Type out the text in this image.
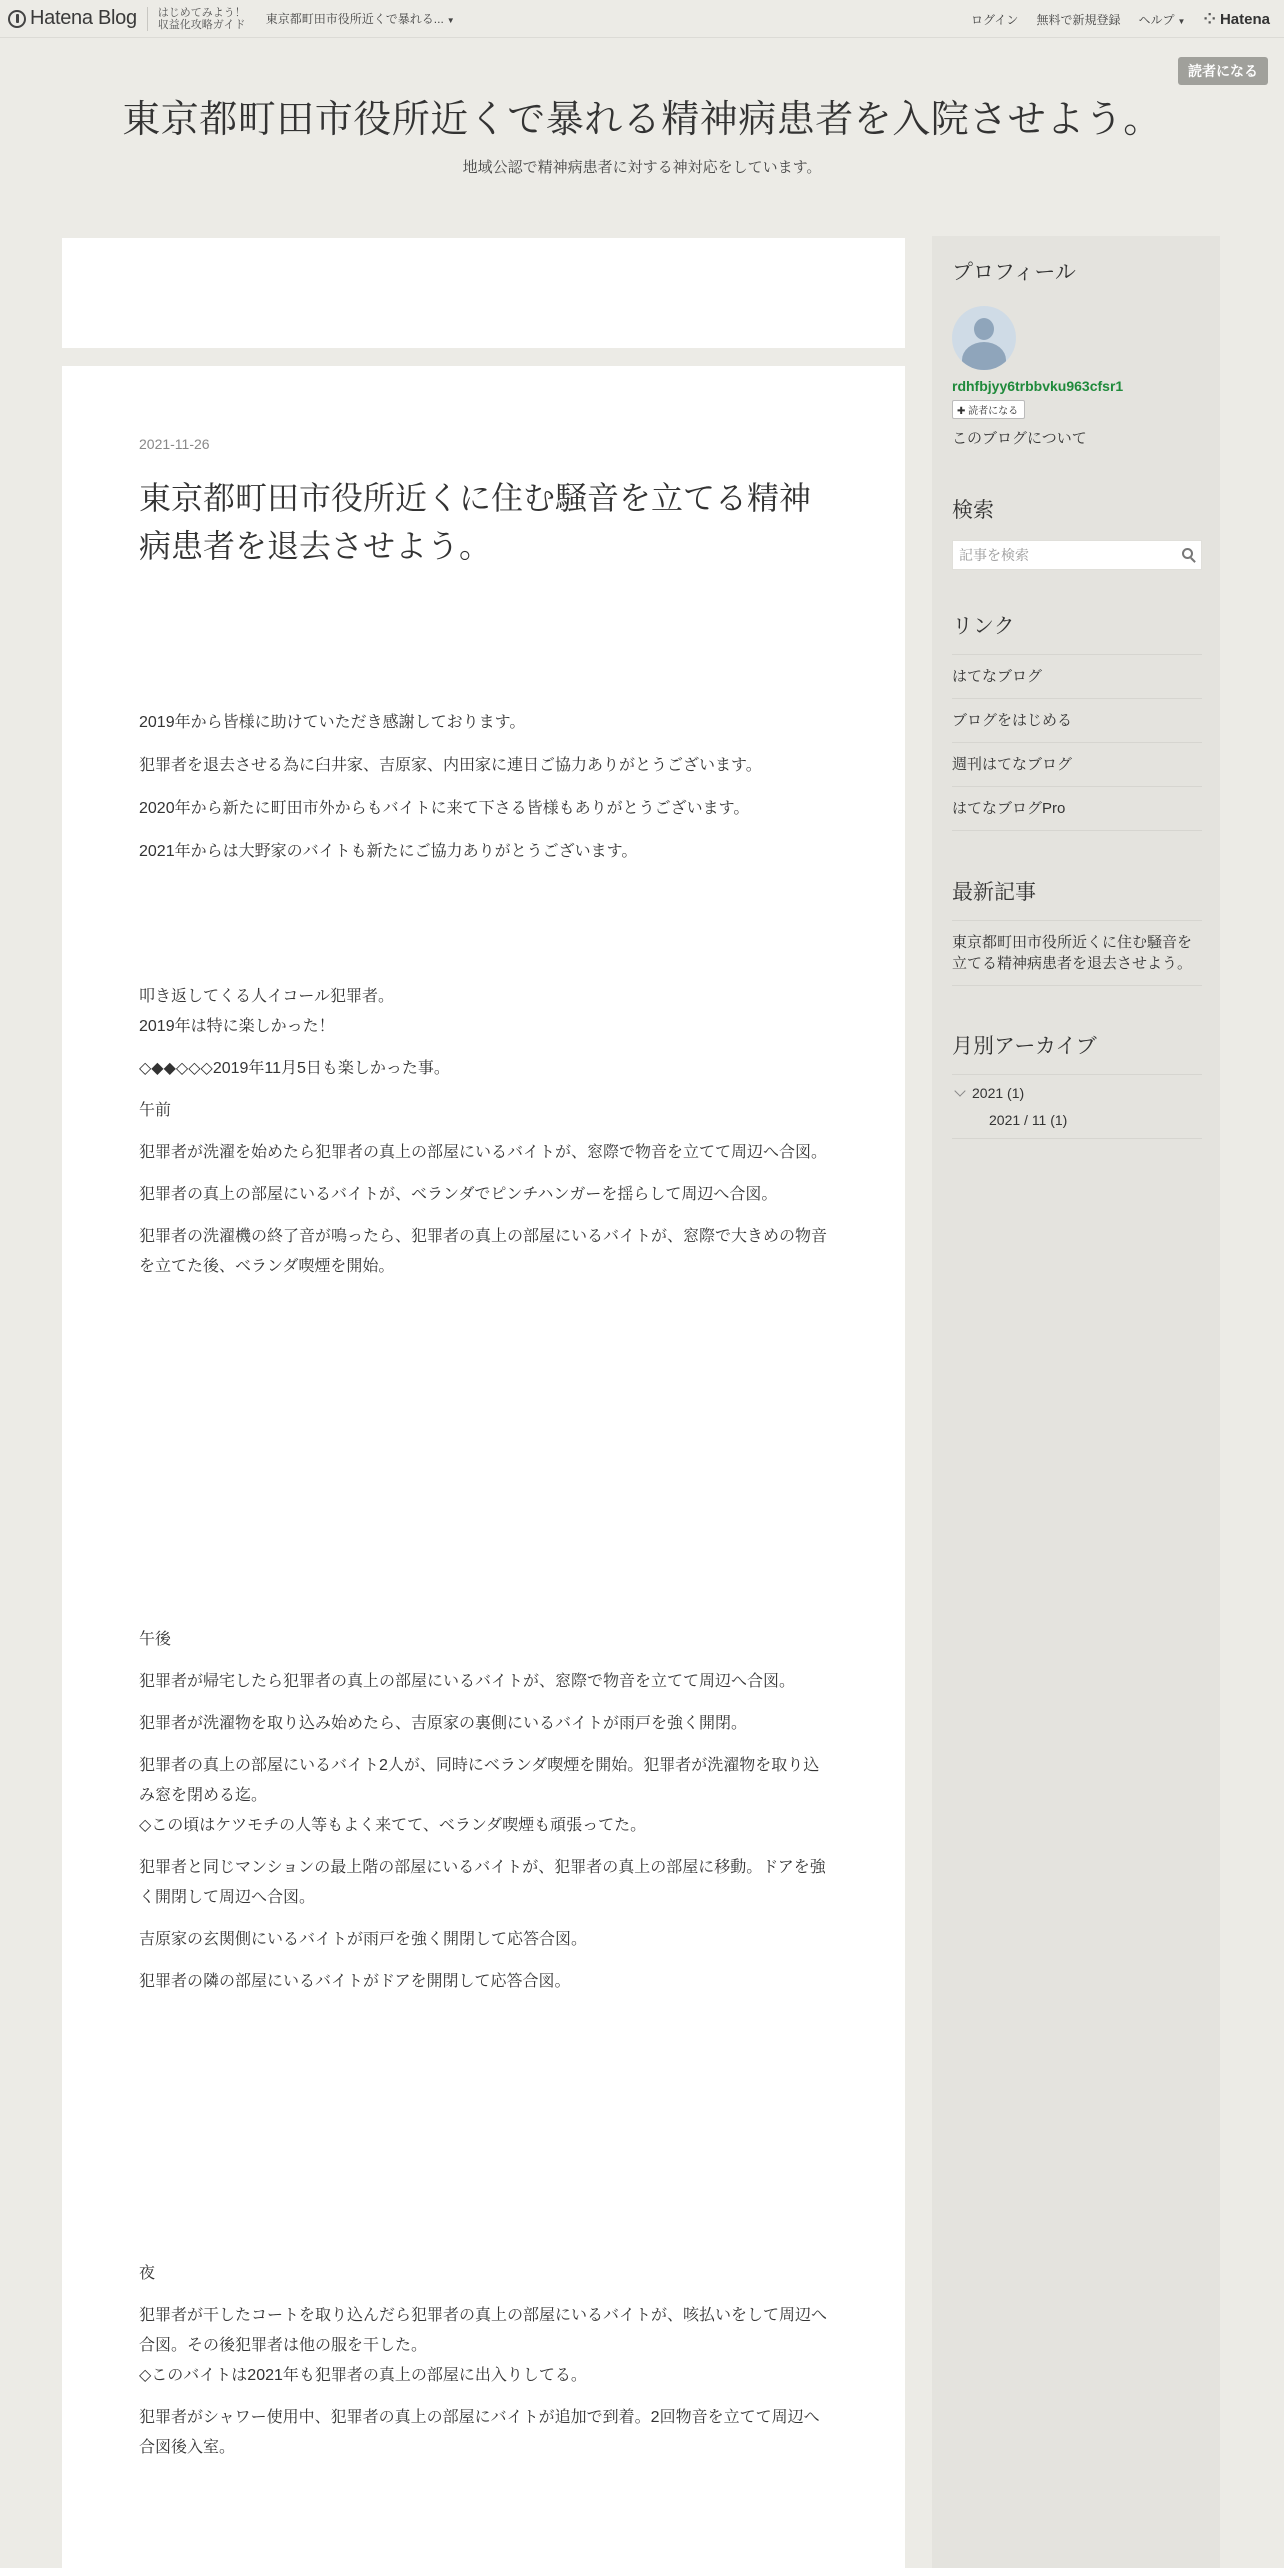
Hatena Blog はじめてみよう！
収益化攻略ガイド 東京都町田市役所近くで暴れる... ▼	ログイン 無料で新規登録 ヘルプ ▼ ⁘ Hatena
読者になる
東京都町田市役所近くで暴れる精神病患者を入院させよう。
地域公認で精神病患者に対する神対応をしています。
2021-11-26
東京都町田市役所近くに住む騒音を立てる精神病患者を退去させよう。

2019年から皆様に助けていただき感謝しております。

犯罪者を退去させる為に臼井家、吉原家、内田家に連日ご協力ありがとうございます。

2020年から新たに町田市外からもバイトに来て下さる皆様もありがとうございます。

2021年からは大野家のバイトも新たにご協力ありがとうございます。

叩き返してくる人イコール犯罪者。

2019年は特に楽しかった！

◇◆◆◇◇◇2019年11月5日も楽しかった事。

午前

犯罪者が洗濯を始めたら犯罪者の真上の部屋にいるバイトが、窓際で物音を立てて周辺へ合図。

犯罪者の真上の部屋にいるバイトが、ベランダでピンチハンガーを揺らして周辺へ合図。

犯罪者の洗濯機の終了音が鳴ったら、犯罪者の真上の部屋にいるバイトが、窓際で大きめの物音を立てた後、ベランダ喫煙を開始。

午後

犯罪者が帰宅したら犯罪者の真上の部屋にいるバイトが、窓際で物音を立てて周辺へ合図。

犯罪者が洗濯物を取り込み始めたら、吉原家の裏側にいるバイトが雨戸を強く開閉。

犯罪者の真上の部屋にいるバイト2人が、同時にベランダ喫煙を開始。犯罪者が洗濯物を取り込み窓を閉める迄。

◇この頃はケツモチの人等もよく来てて、ベランダ喫煙も頑張ってた。

犯罪者と同じマンションの最上階の部屋にいるバイトが、犯罪者の真上の部屋に移動。ドアを強く開閉して周辺へ合図。

吉原家の玄関側にいるバイトが雨戸を強く開閉して応答合図。

犯罪者の隣の部屋にいるバイトがドアを開閉して応答合図。

夜

犯罪者が干したコートを取り込んだら犯罪者の真上の部屋にいるバイトが、咳払いをして周辺へ合図。その後犯罪者は他の服を干した。

◇このバイトは2021年も犯罪者の真上の部屋に出入りしてる。

犯罪者がシャワー使用中、犯罪者の真上の部屋にバイトが追加で到着。2回物音を立てて周辺へ合図後入室。

プロフィール
rdhfbjyy6trbbvku963cfsr1
✚ 読者になる
このブログについて
検索
記事を検索
リンク
はてなブログ
ブログをはじめる
週刊はてなブログ
はてなブログPro
最新記事
東京都町田市役所近くに住む騒音を立てる精神病患者を退去させよう。
月別アーカイブ
2021 (1)
2021 / 11 (1)
